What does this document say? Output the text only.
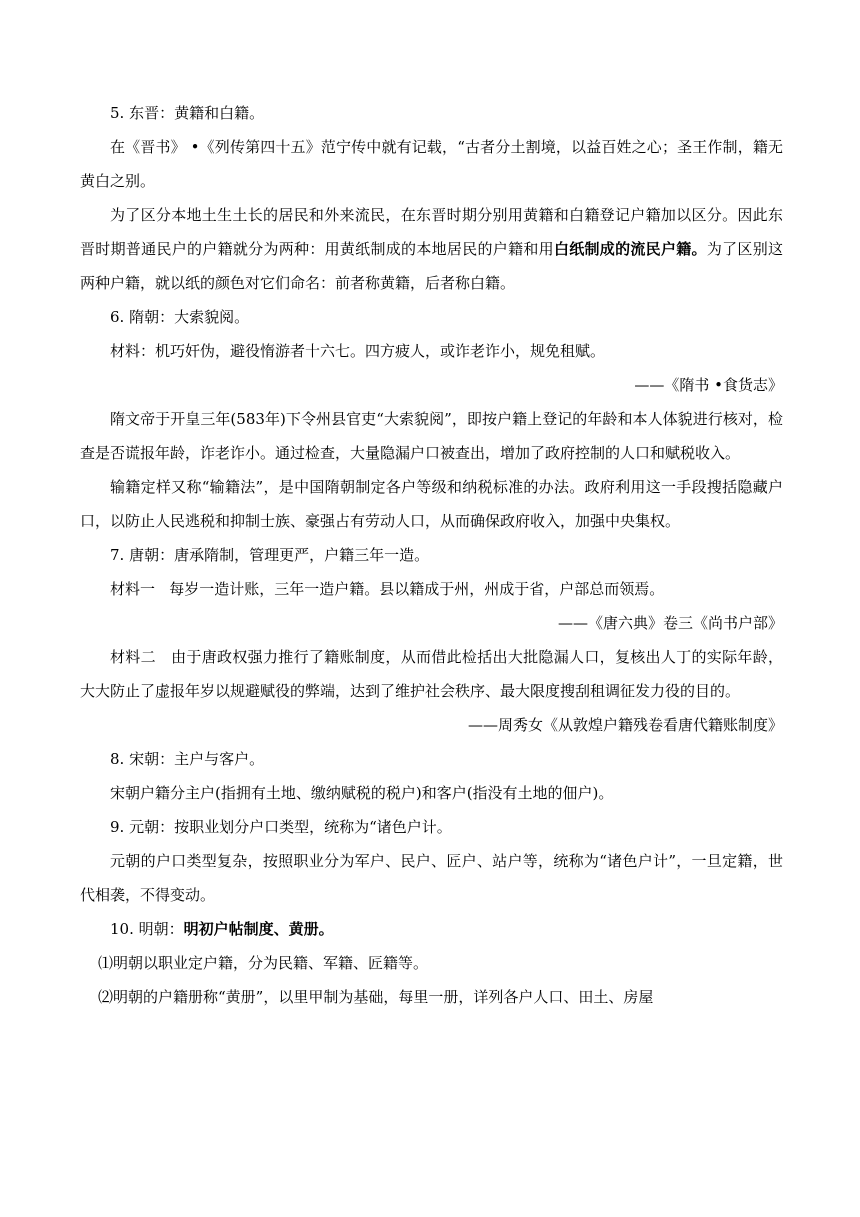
5. 东晋：黄籍和白籍。

在《晋书》 •《列传第四十五》范宁传中就有记载，“古者分土割境，以益百姓之心；圣王作制，籍无黄白之别。

为了区分本地土生土长的居民和外来流民，在东晋时期分别用黄籍和白籍登记户籍加以区分。因此东晋时期普通民户的户籍就分为两种：用黄纸制成的本地居民的户籍和用白纸制成的流民户籍。为了区别这两种户籍，就以纸的颜色对它们命名：前者称黄籍，后者称白籍。

6. 隋朝：大索貌阅。

材料：机巧奸伪，避役惰游者十六七。四方疲人，或诈老诈小，规免租赋。

——《隋书 •食货志》

隋文帝于开皇三年(583年)下令州县官吏“大索貌阅”，即按户籍上登记的年龄和本人体貌进行核对，检查是否谎报年龄，诈老诈小。通过检查，大量隐漏户口被查出，增加了政府控制的人口和赋税收入。

输籍定样又称“输籍法”，是中国隋朝制定各户等级和纳税标准的办法。政府利用这一手段搜括隐藏户口，以防止人民逃税和抑制士族、豪强占有劳动人口，从而确保政府收入，加强中央集权。

7. 唐朝：唐承隋制，管理更严，户籍三年一造。

材料一   每岁一造计账，三年一造户籍。县以籍成于州，州成于省，户部总而领焉。

——《唐六典》卷三《尚书户部》

材料二   由于唐政权强力推行了籍账制度，从而借此检括出大批隐漏人口，复核出人丁的实际年龄，大大防止了虚报年岁以规避赋役的弊端，达到了维护社会秩序、最大限度搜刮租调征发力役的目的。

——周秀女《从敦煌户籍残卷看唐代籍账制度》

8. 宋朝：主户与客户。

宋朝户籍分主户(指拥有土地、缴纳赋税的税户)和客户(指没有土地的佃户)。

9. 元朝：按职业划分户口类型，统称为“诸色户计。

元朝的户口类型复杂，按照职业分为军户、民户、匠户、站户等，统称为“诸色户计”，一旦定籍，世代相袭，不得变动。

10. 明朝：明初户帖制度、黄册。

⑴明朝以职业定户籍，分为民籍、军籍、匠籍等。

⑵明朝的户籍册称“黄册”，以里甲制为基础，每里一册，详列各户人口、田土、房屋
